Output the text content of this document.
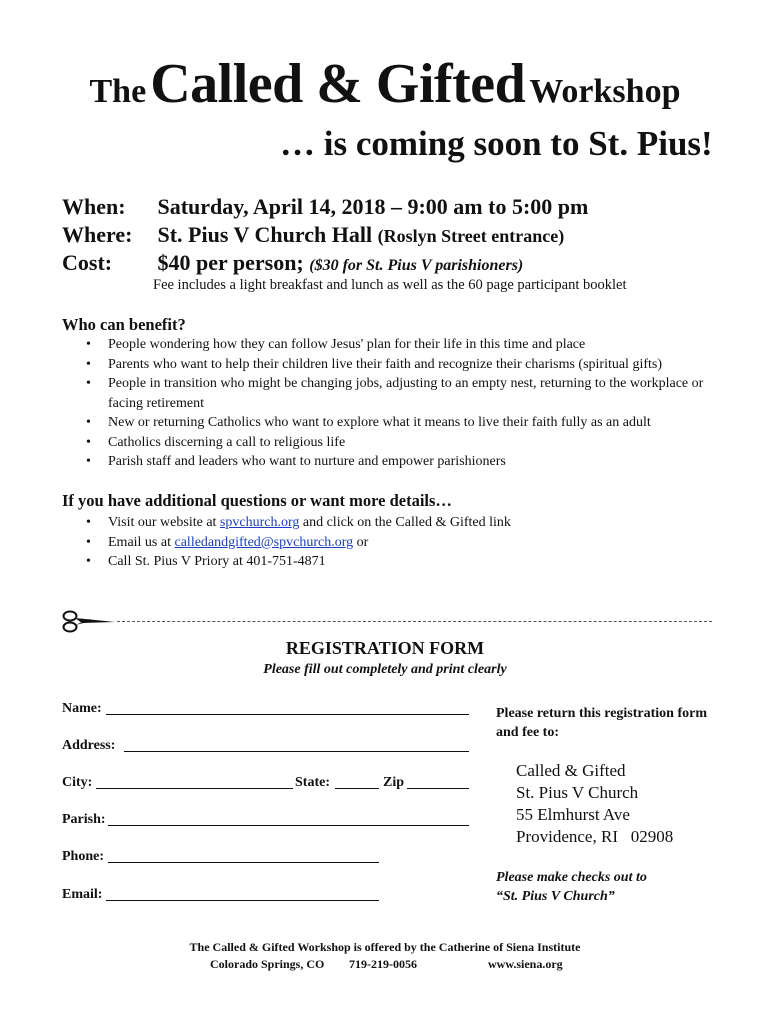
The Called & Gifted Workshop
… is coming soon to St. Pius!
When: Saturday, April 14, 2018 – 9:00 am to 5:00 pm
Where: St. Pius V Church Hall (Roslyn Street entrance)
Cost: $40 per person; ($30 for St. Pius V parishioners)
Fee includes a light breakfast and lunch as well as the 60 page participant booklet
Who can benefit?
• People wondering how they can follow Jesus' plan for their life in this time and place
• Parents who want to help their children live their faith and recognize their charisms (spiritual gifts)
• People in transition who might be changing jobs, adjusting to an empty nest, returning to the workplace or facing retirement
• New or returning Catholics who want to explore what it means to live their faith fully as an adult
• Catholics discerning a call to religious life
• Parish staff and leaders who want to nurture and empower parishioners
If you have additional questions or want more details…
• Visit our website at spvchurch.org and click on the Called & Gifted link
• Email us at calledandgifted@spvchurch.org or
• Call St. Pius V Priory at 401-751-4871
REGISTRATION FORM
Please fill out completely and print clearly
Name:
Address:
City:	State:	Zip
Parish:
Phone:
Email:
Please return this registration form and fee to:
Called & Gifted
St. Pius V Church
55 Elmhurst Ave
Providence, RI   02908
Please make checks out to
“St. Pius V Church”
The Called & Gifted Workshop is offered by the Catherine of Siena Institute
Colorado Springs, CO 719-219-0056	www.siena.org
